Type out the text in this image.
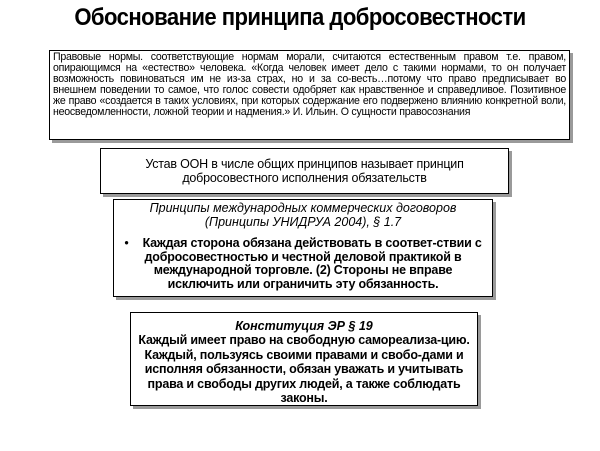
Обоснование принципа добросовестности

Правовые нормы. соответствующие нормам морали, считаются естественным правом т.е. правом, опирающимся на «естество» человека. «Когда человек имеет дело с такими нормами, то он получает возможность повиноваться им не из-за страх, но и за со-весть…потому что право предписывает во внешнем поведении то самое, что голос совести одобряет как нравственное и справедливое. Позитивное же право «создается в таких условиях, при которых содержание его подвержено влиянию конкретной воли, неосведомленности, ложной теории и надмения.» И. Ильин. О сущности правосознания

Устав ООН в числе общих принципов называет принцип добросовестного исполнения обязательств

Принципы международных коммерческих договоров (Принципы УНИДРУА 2004), § 1.7

• Каждая сторона обязана действовать в соответ-ствии с добросовестностью и честной деловой практикой в международной торговле. (2) Стороны не вправе исключить или ограничить эту обязанность.

Конституция ЭР § 19

Каждый имеет право на свободную самореализа-цию. Каждый, пользуясь своими правами и свобо-дами и исполняя обязанности, обязан уважать и учитывать права и свободы других людей, а также соблюдать законы.
